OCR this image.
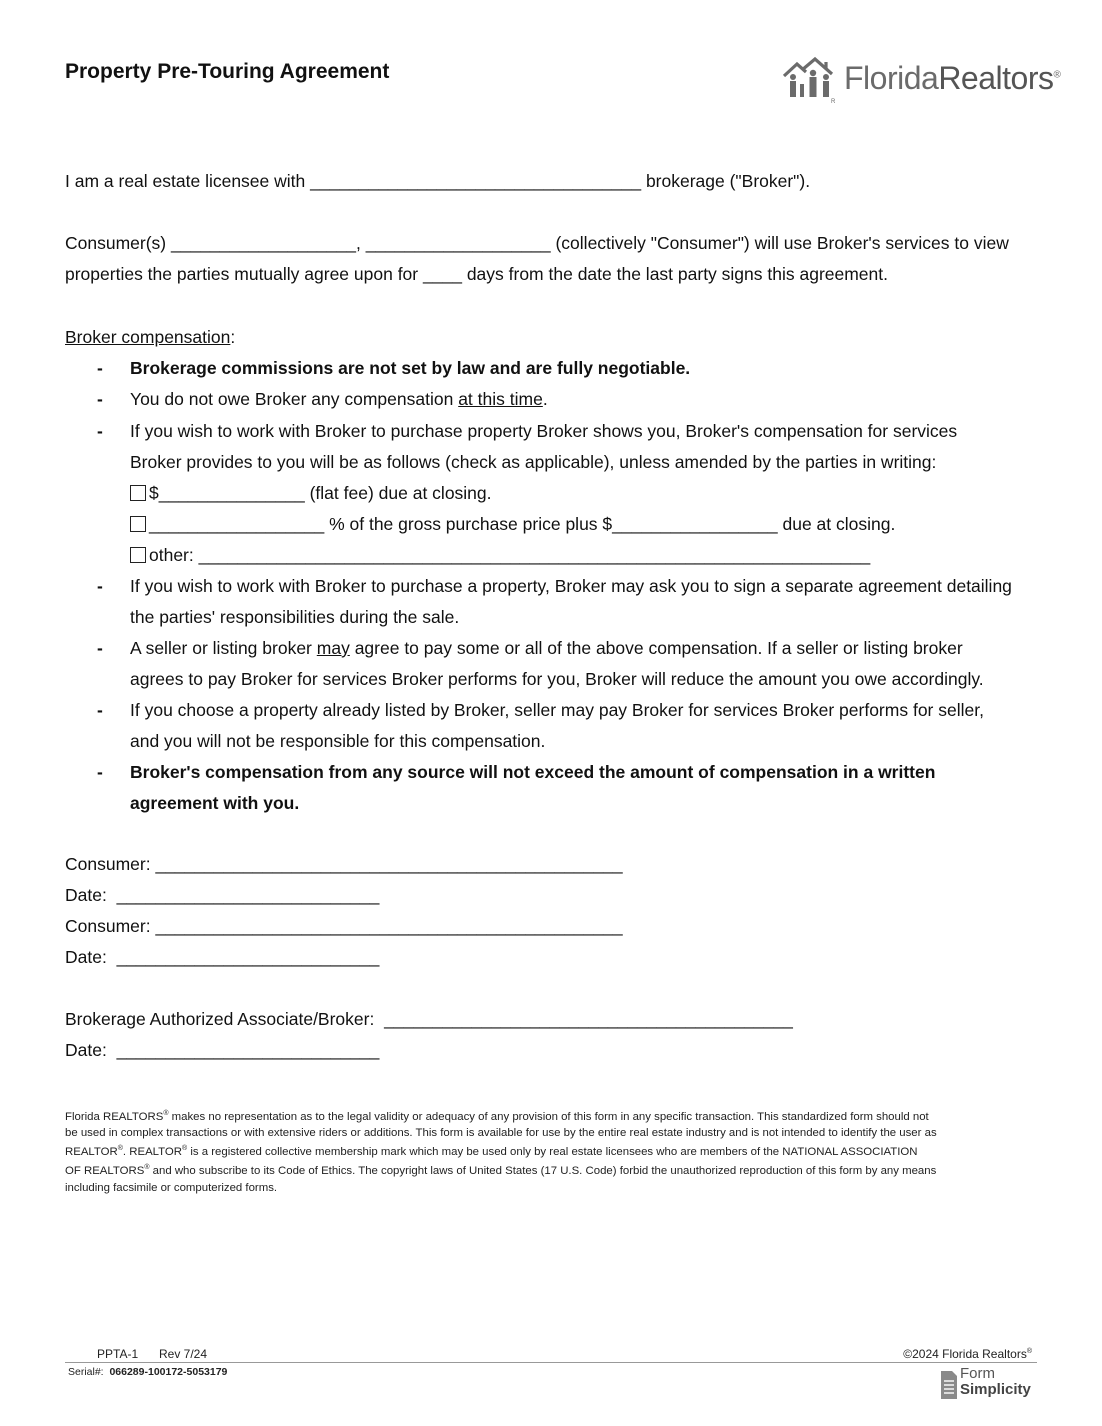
Property Pre-Touring Agreement
R
FloridaRealtors®
I am a real estate licensee with __________________________________ brokerage ("Broker").
Consumer(s) ___________________, ___________________ (collectively "Consumer") will use Broker's services to view
properties the parties mutually agree upon for ____ days from the date the last party signs this agreement.
Broker compensation:
- Brokerage commissions are not set by law and are fully negotiable.
- You do not owe Broker any compensation at this time.
- If you wish to work with Broker to purchase property Broker shows you, Broker's compensation for services
Broker provides to you will be as follows (check as applicable), unless amended by the parties in writing:
$_______________ (flat fee) due at closing.
__________________ % of the gross purchase price plus $_________________ due at closing.
other: _____________________________________________________________________
- If you wish to work with Broker to purchase a property, Broker may ask you to sign a separate agreement detailing
the parties' responsibilities during the sale.
- A seller or listing broker may agree to pay some or all of the above compensation. If a seller or listing broker
agrees to pay Broker for services Broker performs for you, Broker will reduce the amount you owe accordingly.
- If you choose a property already listed by Broker, seller may pay Broker for services Broker performs for seller,
and you will not be responsible for this compensation.
- Broker's compensation from any source will not exceed the amount of compensation in a written
agreement with you.
Consumer: ________________________________________________
Date: ___________________________
Consumer: ________________________________________________
Date: ___________________________
Brokerage Authorized Associate/Broker: __________________________________________
Date: ___________________________

Florida REALTORS® makes no representation as to the legal validity or adequacy of any provision of this form in any specific transaction. This standardized form should not

be used in complex transactions or with extensive riders or additions. This form is available for use by the entire real estate industry and is not intended to identify the user as

REALTOR®. REALTOR® is a registered collective membership mark which may be used only by real estate licensees who are members of the NATIONAL ASSOCIATION

OF REALTORS® and who subscribe to its Code of Ethics. The copyright laws of United States (17 U.S. Code) forbid the unauthorized reproduction of this form by any means

including facsimile or computerized forms.

PPTA-1 Rev 7/24	©2024 Florida Realtors®
Serial#: 066289-100172-5053179	Form
Simplicity
